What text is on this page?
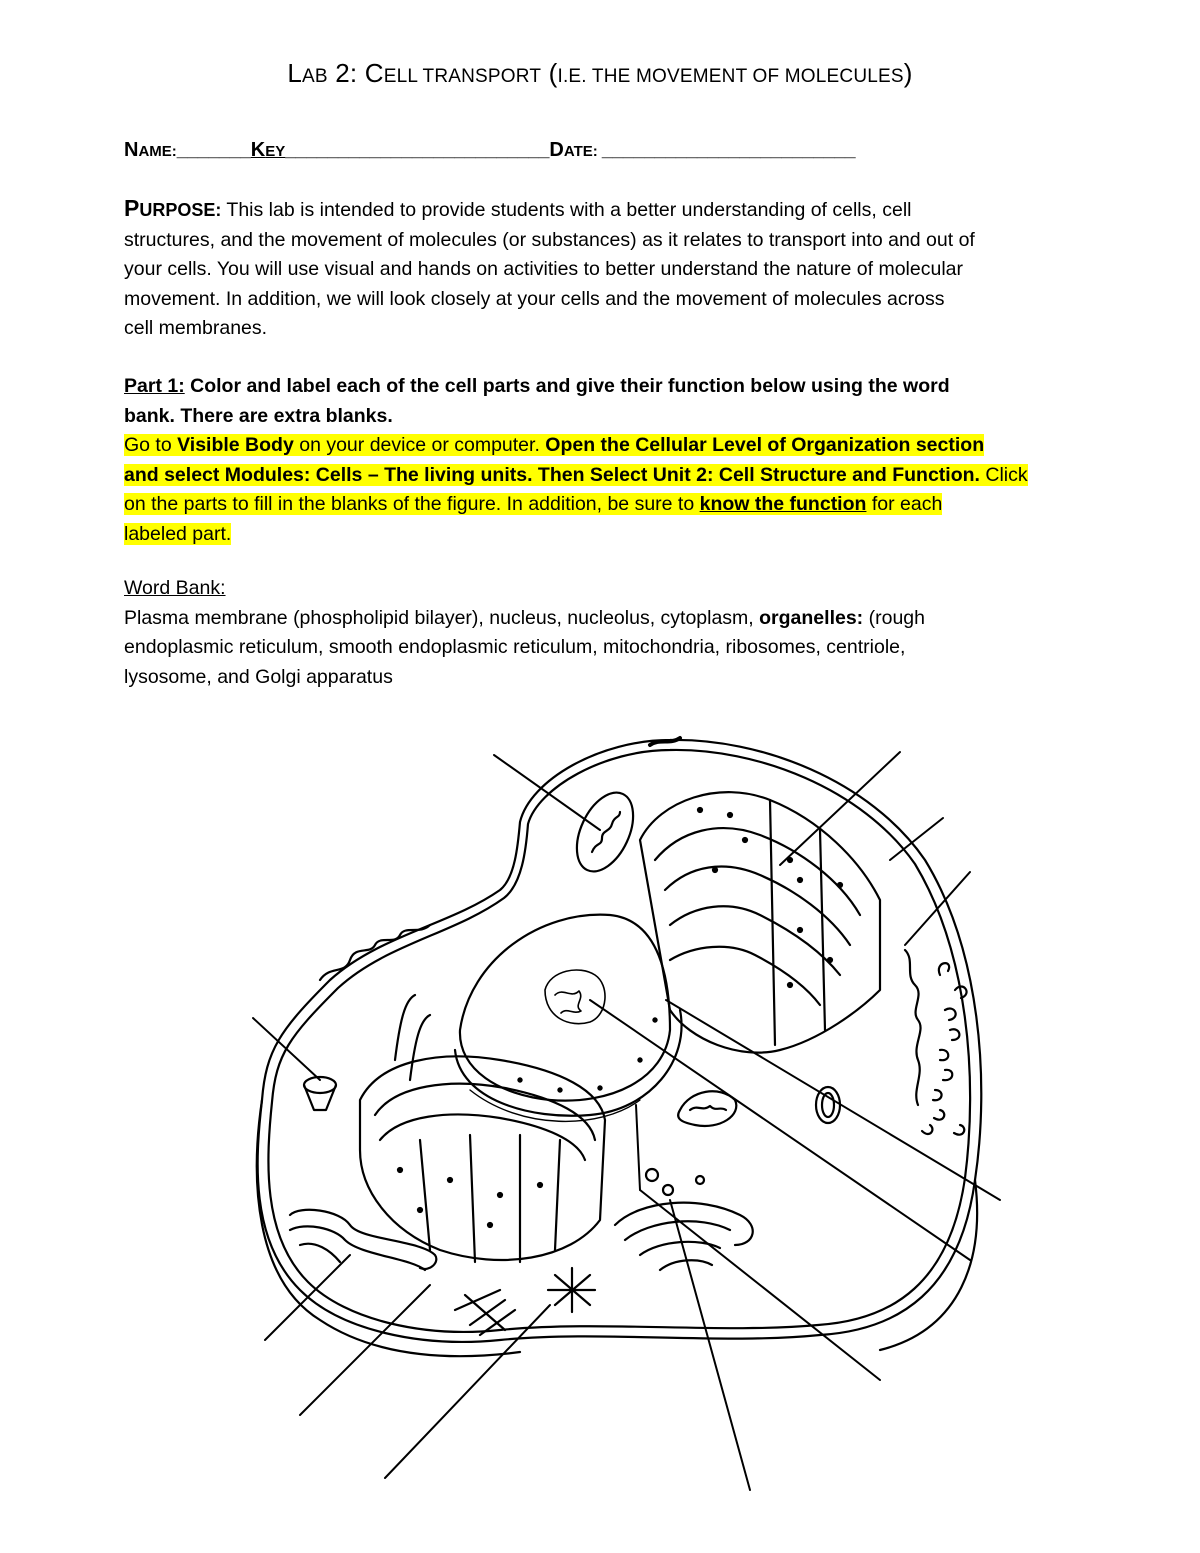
LAB 2: CELL TRANSPORT (I.E. THE MOVEMENT OF MOLECULES)
NAME:_______KEY_________________________DATE: ________________________
PURPOSE: This lab is intended to provide students with a better understanding of cells, cell
structures, and the movement of molecules (or substances) as it relates to transport into and out of
your cells. You will use visual and hands on activities to better understand the nature of molecular
movement. In addition, we will look closely at your cells and the movement of molecules across
cell membranes.
Part 1: Color and label each of the cell parts and give their function below using the word
bank. There are extra blanks.
Go to Visible Body on your device or computer. Open the Cellular Level of Organization section
and select Modules: Cells – The living units. Then Select Unit 2: Cell Structure and Function. Click
on the parts to fill in the blanks of the figure. In addition, be sure to know the function for each
labeled part.
Word Bank:
Plasma membrane (phospholipid bilayer), nucleus, nucleolus, cytoplasm, organelles: (rough
endoplasmic reticulum, smooth endoplasmic reticulum, mitochondria, ribosomes, centriole,
lysosome, and Golgi apparatus
